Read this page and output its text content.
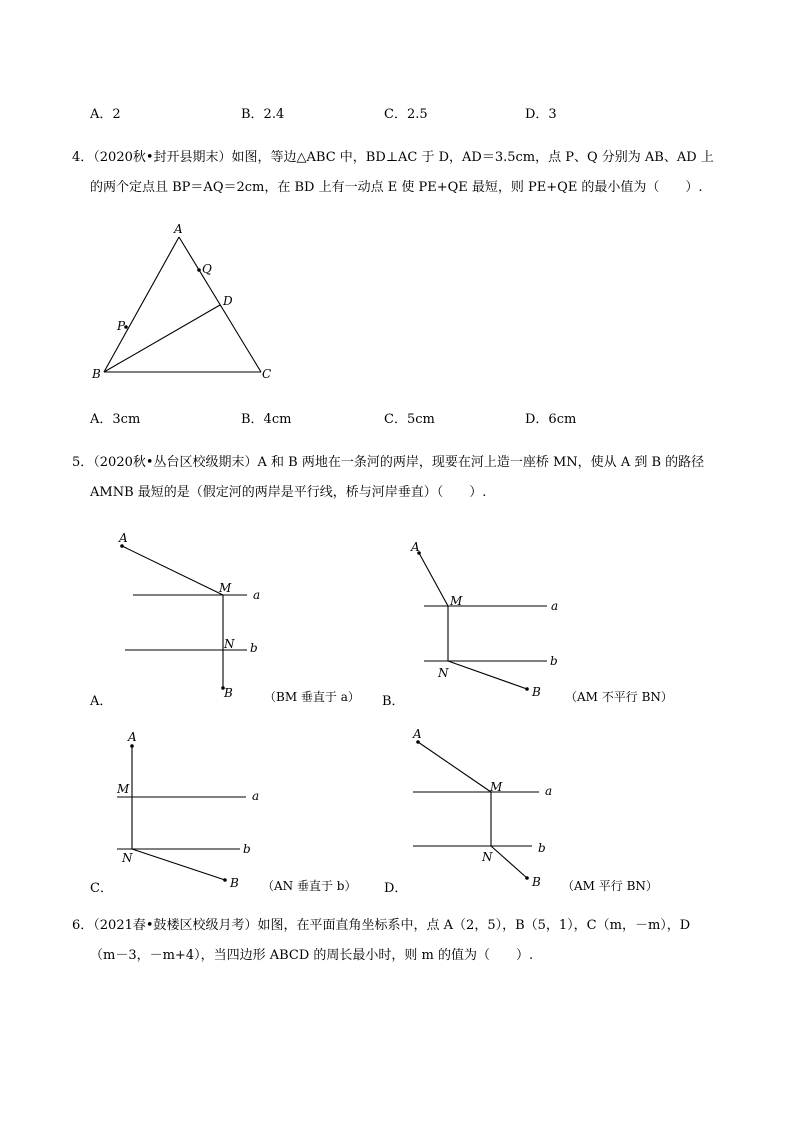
A．2	B．2.4	C．2.5	D．3
4．（2020秋•封开县期末）如图，等边△ABC 中，BD⊥AC 于 D，AD＝3.5cm，点 P、Q 分别为 AB、AD 上
的两个定点且 BP＝AQ＝2cm，在 BD 上有一动点 E 使 PE+QE 最短，则 PE+QE 的最小值为（　　）.
A
Q
D
P
B	C
A．3cm	B．4cm	C．5cm	D．6cm
5．（2020秋•丛台区校级期末）A 和 B 两地在一条河的两岸，现要在河上造一座桥 MN，使从 A 到 B 的路径
AMNB 最短的是（假定河的两岸是平行线，桥与河岸垂直）（　　）.
A
M a
N b
B
A
M	a
N
b
B
A
M	a
N
b
B
A
M	a
N
b
B
A．	（BM 垂直于 a） B．	（AM 不平行 BN）
C．	（AN 垂直于 b） D．	（AM 平行 BN）
6．（2021春•鼓楼区校级月考）如图，在平面直角坐标系中，点 A（2，5），B（5，1），C（m，－m），D
（m－3，－m+4），当四边形 ABCD 的周长最小时，则 m 的值为（　　）.
